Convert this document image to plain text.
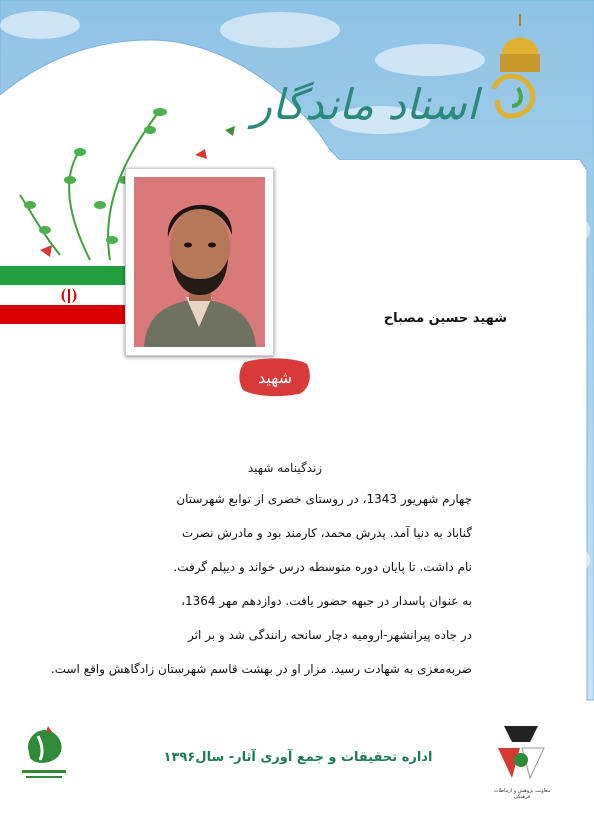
اسناد ماندگار
شهید حسین مصباح
شهید
زندگینامه شهید

چهارم شهریور 1343، در روستای خضری از توابع شهرستان

گناباد به دنیا آمد. پدرش محمد، کارمند بود و مادرش نصرت

نام داشت. تا پایان دوره متوسطه درس خواند و دیپلم گرفت.

به عنوان پاسدار در جبهه حضور یافت. دوازدهم مهر 1364،

در جاده پیرانشهر-ارومیه دچار سانحه رانندگی شد و بر اثر

ضربه‌مغزی به شهادت رسید. مزار او در بهشت قاسم شهرستان زادگاهش واقع است.

اداره تحقیقات و جمع آوری آثار- سال۱۳۹۶
معاونت پژوهش و ارتباطات فرهنگی
